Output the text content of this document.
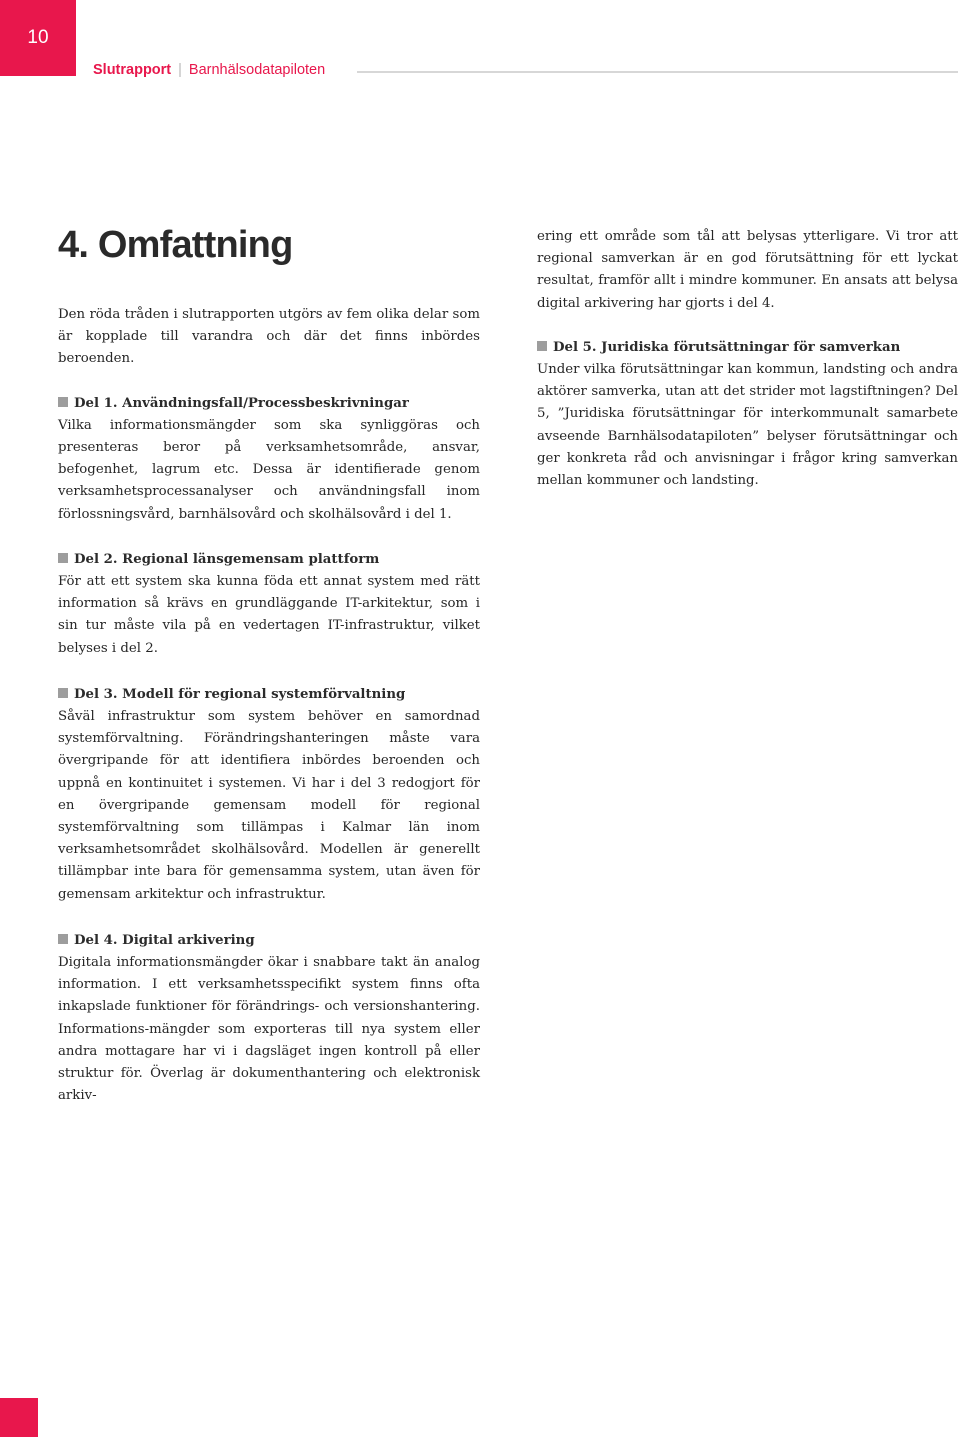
10
Slutrapport | Barnhälsodatapiloten
4. Omfattning

Den röda tråden i slutrapporten utgörs av fem olika delar som är kopplade till varandra och där det finns inbördes beroenden.

Del 1. Användningsfall/Processbeskrivningar

Vilka informationsmängder som ska synliggöras och presenteras beror på verksamhetsområde, ansvar, befogenhet, lagrum etc. Dessa är identifierade genom verksamhetsprocessanalyser och användningsfall inom förlossningsvård, barnhälsovård och skolhälsovård i del 1.

Del 2. Regional länsgemensam plattform

För att ett system ska kunna föda ett annat system med rätt information så krävs en grundläggande IT-arkitektur, som i sin tur måste vila på en vedertagen IT-infrastruktur, vilket belyses i del 2.

Del 3. Modell för regional systemförvaltning

Såväl infrastruktur som system behöver en samordnad systemförvaltning. Förändringshanteringen måste vara övergripande för att identifiera inbördes beroenden och uppnå en kontinuitet i systemen. Vi har i del 3 redogjort för en övergripande gemensam modell för regional systemförvaltning som tillämpas i Kalmar län inom verksamhetsområdet skolhälsovård. Modellen är generellt tillämpbar inte bara för gemensamma system, utan även för gemensam arkitektur och infrastruktur.

Del 4. Digital arkivering

Digitala informationsmängder ökar i snabbare takt än analog information. I ett verksamhetsspecifikt system finns ofta inkapslade funktioner för förändrings- och versionshantering. Informations-mängder som exporteras till nya system eller andra mottagare har vi i dagsläget ingen kontroll på eller struktur för. Överlag är dokumenthantering och elektronisk arkiv-

ering ett område som tål att belysas ytterligare. Vi tror att regional samverkan är en god förutsättning för ett lyckat resultat, framför allt i mindre kommuner. En ansats att belysa digital arkivering har gjorts i del 4.

Del 5. Juridiska förutsättningar för samverkan

Under vilka förutsättningar kan kommun, landsting och andra aktörer samverka, utan att det strider mot lagstiftningen? Del 5, ”Juridiska förutsättningar för interkommunalt samarbete avseende Barnhälsodatapiloten” belyser förutsättningar och ger konkreta råd och anvisningar i frågor kring samverkan mellan kommuner och landsting.
